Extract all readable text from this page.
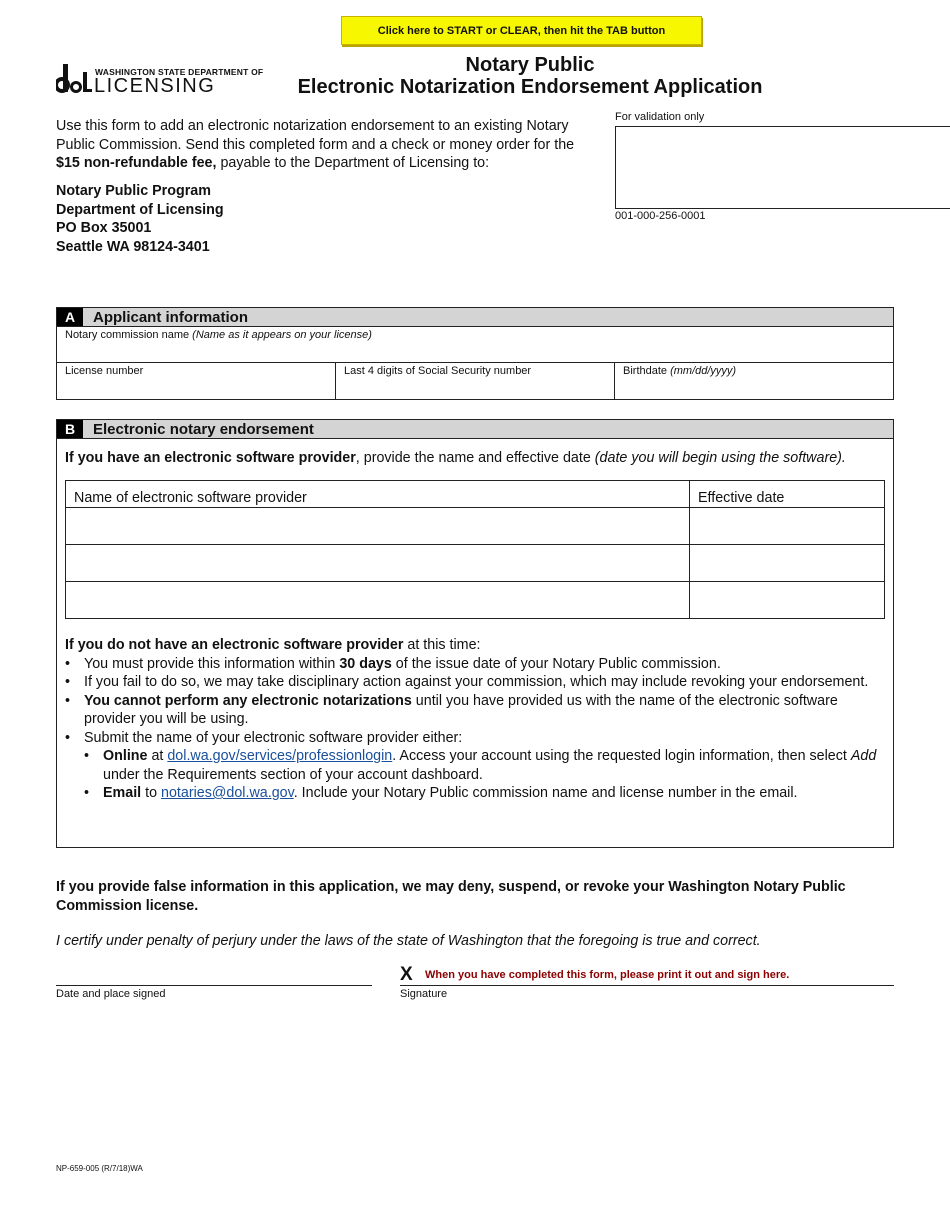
Click here to START or CLEAR, then hit the TAB button
WASHINGTON STATE DEPARTMENT OF
LICENSING
Notary Public
Electronic Notarization Endorsement Application
Use this form to add an electronic notarization endorsement to an existing Notary Public Commission. Send this completed form and a check or money order for the $15 non-refundable fee, payable to the Department of Licensing to:
Notary Public Program
Department of Licensing
PO Box 35001
Seattle WA 98124-3401
For validation only
001-000-256-0001
A	Applicant information
Notary commission name (Name as it appears on your license)
License number	Last 4 digits of Social Security number	Birthdate (mm/dd/yyyy)
B	Electronic notary endorsement
If you have an electronic software provider, provide the name and effective date (date you will begin using the software).
Name of electronic software provider	Effective date

If you do not have an electronic software provider at this time:
• You must provide this information within 30 days of the issue date of your Notary Public commission.
• If you fail to do so, we may take disciplinary action against your commission, which may include revoking your endorsement.
• You cannot perform any electronic notarizations until you have provided us with the name of the electronic software provider you will be using.
• Submit the name of your electronic software provider either:
• Online at dol.wa.gov/services/professionlogin. Access your account using the requested login information, then select Add under the Requirements section of your account dashboard.
• Email to notaries@dol.wa.gov. Include your Notary Public commission name and license number in the email.
If you provide false information in this application, we may deny, suspend, or revoke your Washington Notary Public Commission license.
I certify under penalty of perjury under the laws of the state of Washington that the foregoing is true and correct.
Date and place signed
X When you have completed this form, please print it out and sign here.
Signature
NP-659-005 (R/7/18)WA
